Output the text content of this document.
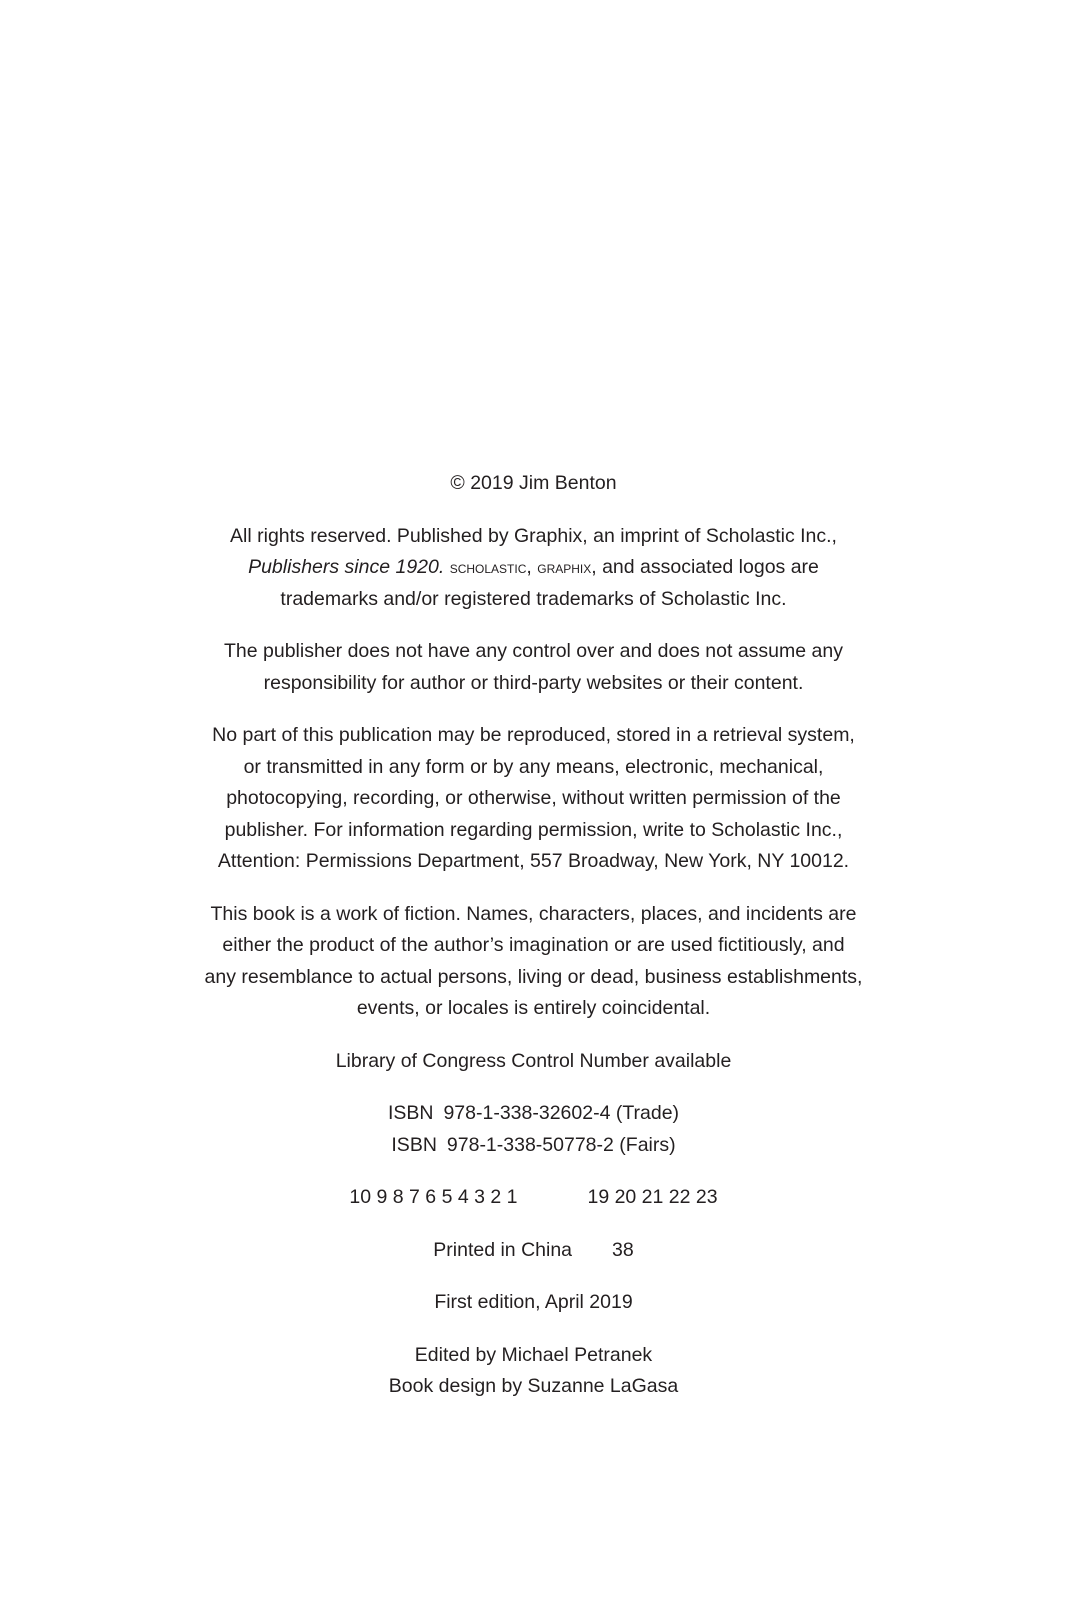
© 2019 Jim Benton
All rights reserved. Published by Graphix, an imprint of Scholastic Inc.,
Publishers since 1920. scholastic, graphix, and associated logos are
trademarks and/or registered trademarks of Scholastic Inc.
The publisher does not have any control over and does not assume any
responsibility for author or third-party websites or their content.
No part of this publication may be reproduced, stored in a retrieval system,
or transmitted in any form or by any means, electronic, mechanical,
photocopying, recording, or otherwise, without written permission of the
publisher. For information regarding permission, write to Scholastic Inc.,
Attention: Permissions Department, 557 Broadway, New York, NY 10012.
This book is a work of fiction. Names, characters, places, and incidents are
either the product of the author’s imagination or are used fictitiously, and
any resemblance to actual persons, living or dead, business establishments,
events, or locales is entirely coincidental.
Library of Congress Control Number available
ISBN 978-1-338-32602-4 (Trade)
ISBN 978-1-338-50778-2 (Fairs)
10 9 8 7 6 5 4 3 2 1	19 20 21 22 23
Printed in China 38
First edition, April 2019
Edited by Michael Petranek
Book design by Suzanne LaGasa
